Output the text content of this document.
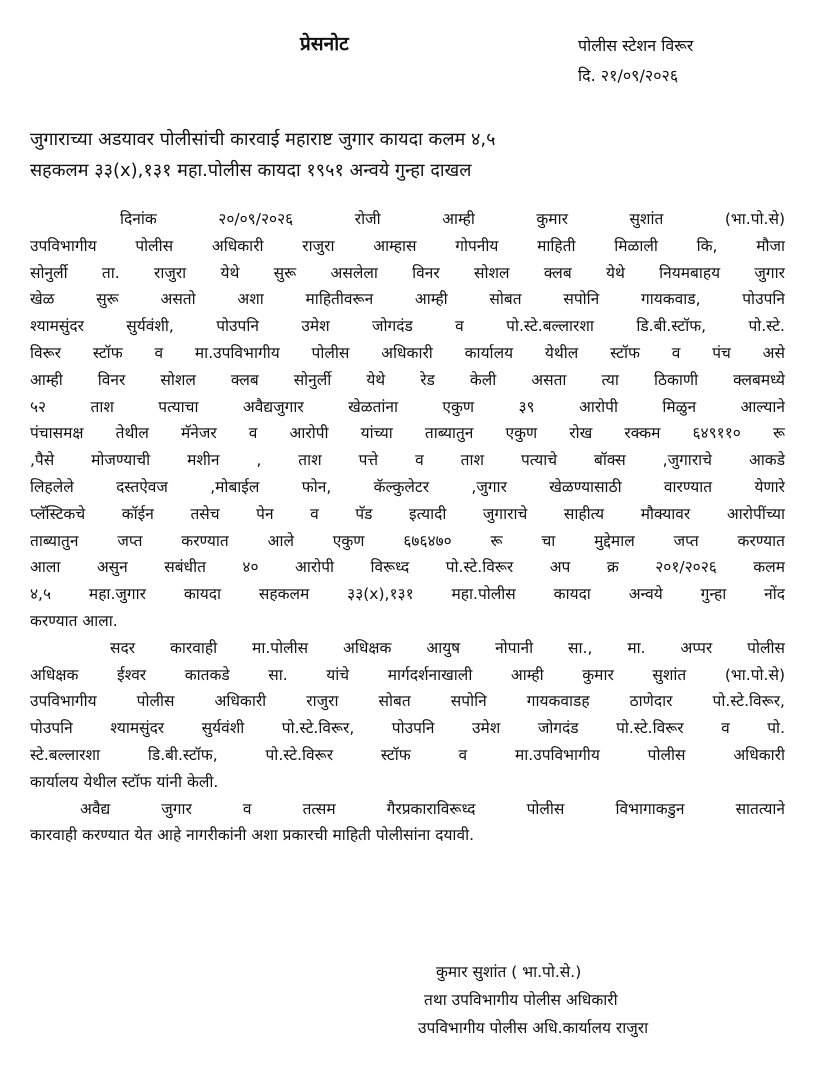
प्रेसनोट	पोलीस स्टेशन विरूर
दि. २१/०९/२०२६
जुगाराच्या अडयावर पोलीसांची कारवाई महाराष्ट जुगार कायदा कलम ४,५
सहकलम ३३(x),१३१ महा.पोलीस कायदा १९५१ अन्वये गुन्हा दाखल
दिनांक २०/०९/२०२६ रोजी आम्ही कुमार सुशांत (भा.पो.से)
उपविभागीय पोलीस अधिकारी राजुरा आम्हास गोपनीय माहिती मिळाली कि, मौजा
सोनुर्ली ता. राजुरा येथे सुरू असलेला विनर सोशल क्लब येथे नियमबाहय जुगार
खेळ सुरू असतो अशा माहितीवरून आम्ही सोबत सपोनि गायकवाड, पोउपनि
श्यामसुंदर सुर्यवंशी, पोउपनि उमेश जोगदंड व पो.स्टे.बल्लारशा डि.बी.स्टॉफ, पो.स्टे.
विरूर स्टॉफ व मा.उपविभागीय पोलीस अधिकारी कार्यालय येथील स्टॉफ व पंच असे
आम्ही विनर सोशल क्लब सोनुर्ली येथे रेड केली असता त्या ठिकाणी क्लबमध्ये
५२ ताश पत्याचा अवैद्यजुगार खेळतांना एकुण ३९ आरोपी मिळुन आल्याने
पंचासमक्ष तेथील मॅनेजर व आरोपी यांच्या ताब्यातुन एकुण रोख रक्कम ६४९११० रू
,पैसे मोजण्याची मशीन , ताश पत्ते व ताश पत्याचे बॉक्स ,जुगाराचे आकडे
लिहलेले दस्तऐवज ,मोबाईल फोन, कॅल्कुलेटर ,जुगार खेळण्यासाठी वारण्यात येणारे
प्लॅस्टिकचे कॉईन तसेच पेन व पॅड इत्यादी जुगाराचे साहीत्य मौक्यावर आरोपींच्या
ताब्यातुन जप्त करण्यात आले एकुण ६७६४७० रू चा मुद्देमाल जप्त करण्यात
आला असुन सबंधीत ४० आरोपी विरूध्द पो.स्टे.विरूर अप क्र २०१/२०२६ कलम
४,५ महा.जुगार कायदा सहकलम ३३(x),१३१ महा.पोलीस कायदा अन्वये गुन्हा नोंद
करण्यात आला.
सदर कारवाही मा.पोलीस अधिक्षक आयुष नोपानी सा., मा. अप्पर पोलीस
अधिक्षक ईश्वर कातकडे सा. यांचे मार्गदर्शनाखाली आम्ही कुमार सुशांत (भा.पो.से)
उपविभागीय पोलीस अधिकारी राजुरा सोबत सपोनि गायकवाडह ठाणेदार पो.स्टे.विरूर,
पोउपनि श्यामसुंदर सुर्यवंशी पो.स्टे.विरूर, पोउपनि उमेश जोगदंड पो.स्टे.विरूर व पो.
स्टे.बल्लारशा डि.बी.स्टॉफ, पो.स्टे.विरूर स्टॉफ व मा.उपविभागीय पोलीस अधिकारी
कार्यालय येथील स्टॉफ यांनी केली.
अवैद्य जुगार व तत्सम गैरप्रकाराविरूध्द पोलीस विभागाकडुन सातत्याने
कारवाही करण्यात येत आहे नागरीकांनी अशा प्रकारची माहिती पोलीसांना दयावी.
कुमार सुशांत ( भा.पो.से.)
तथा उपविभागीय पोलीस अधिकारी
उपविभागीय पोलीस अधि.कार्यालय राजुरा
